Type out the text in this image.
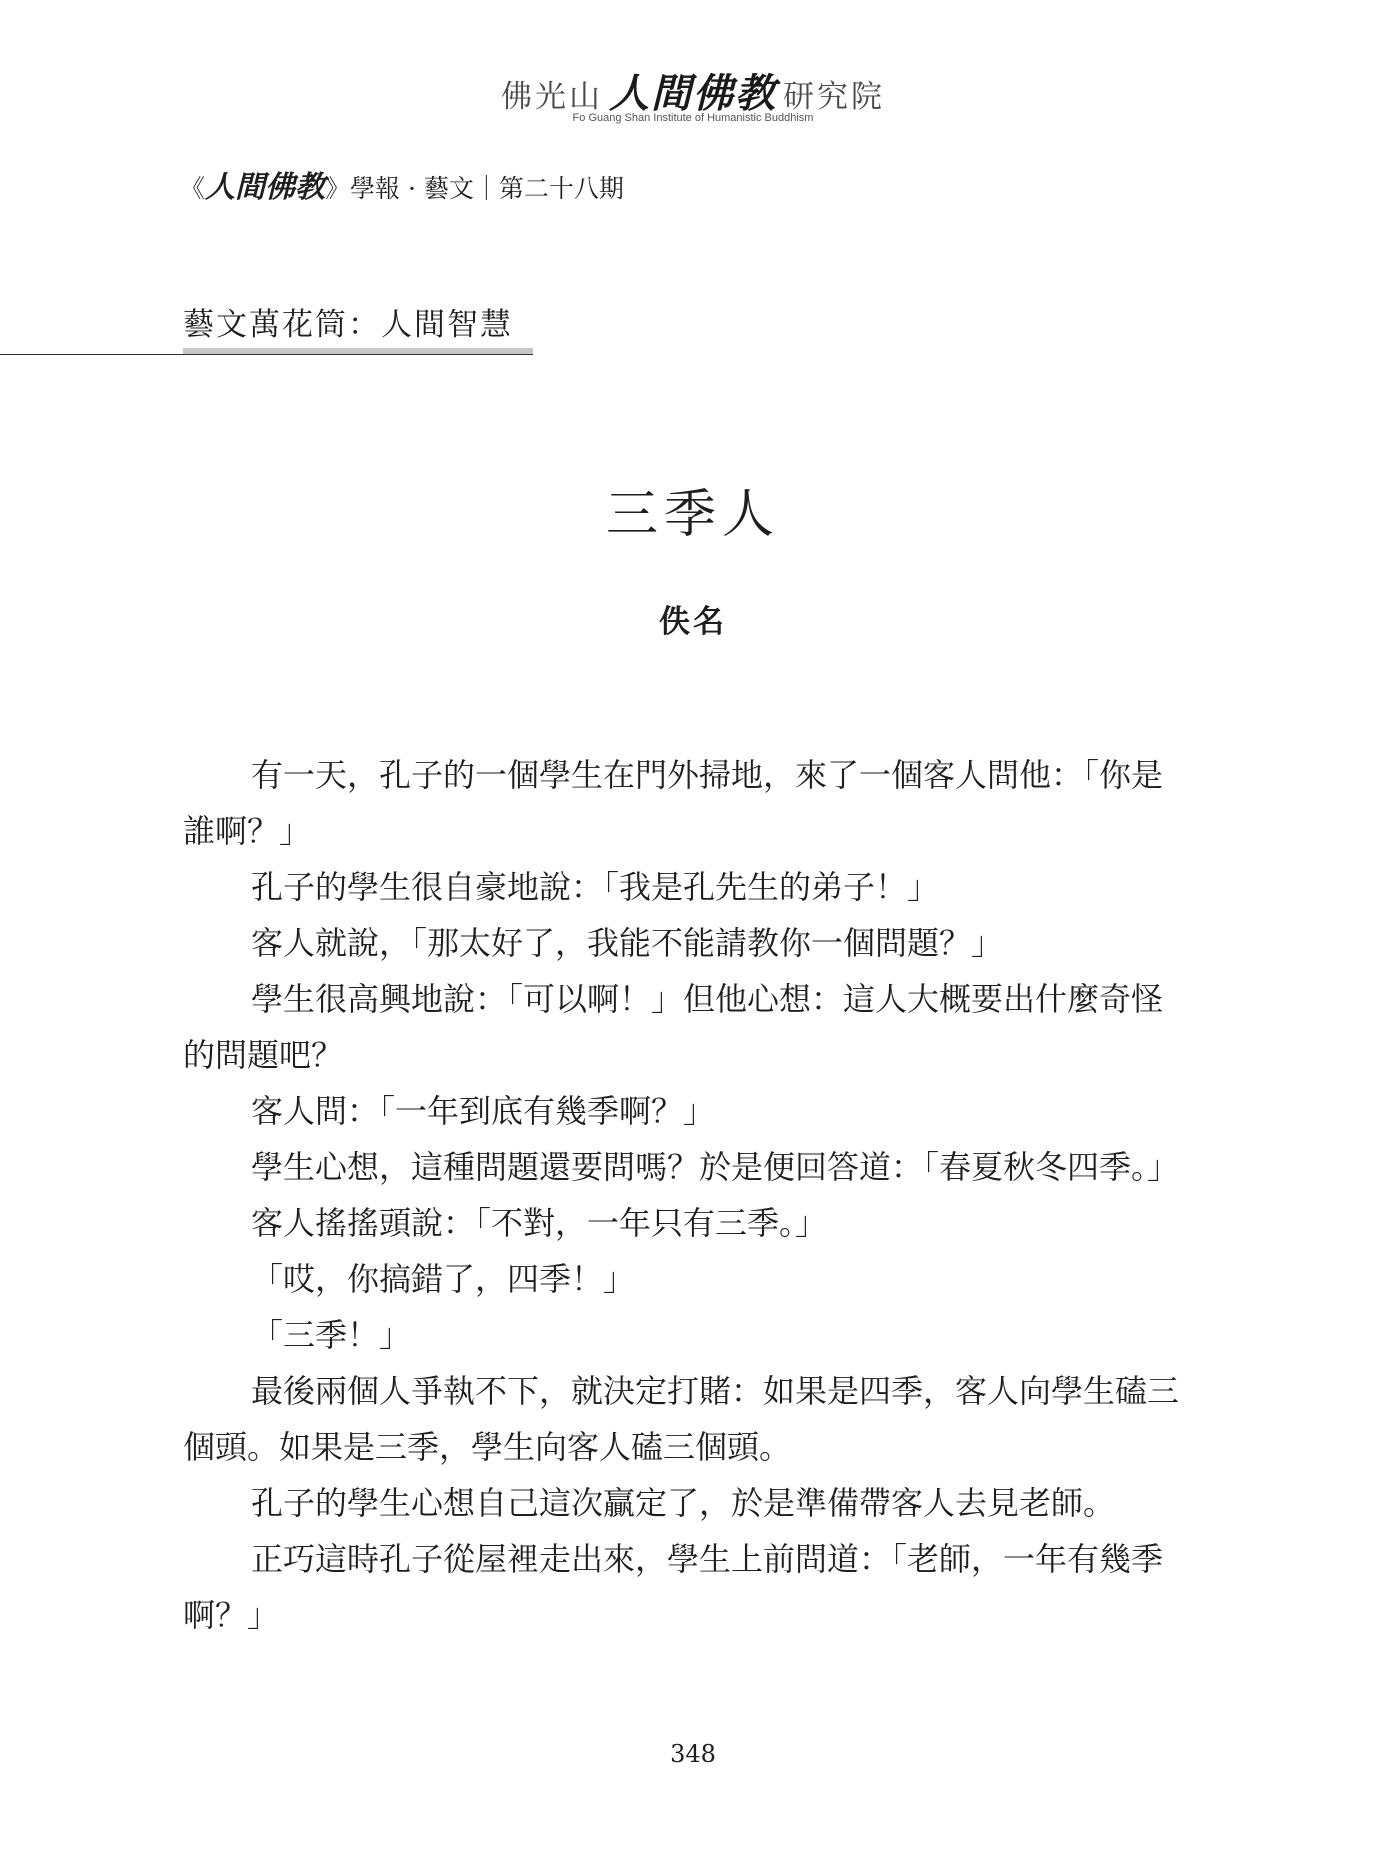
佛光山 人間佛教 研究院
Fo Guang Shan Institute of Humanistic Buddhism
《人間佛教》學報 · 藝文｜第二十八期
藝文萬花筒：人間智慧
三季人
佚名

有一天，孔子的一個學生在門外掃地，來了一個客人問他：「你是誰啊？」

孔子的學生很自豪地說：「我是孔先生的弟子！」

客人就說，「那太好了，我能不能請教你一個問題？」

學生很高興地說：「可以啊！」但他心想：這人大概要出什麼奇怪的問題吧？

客人問：「一年到底有幾季啊？」

學生心想，這種問題還要問嗎？於是便回答道：「春夏秋冬四季。」

客人搖搖頭說：「不對，一年只有三季。」

「哎，你搞錯了，四季！」

「三季！」

最後兩個人爭執不下，就決定打賭：如果是四季，客人向學生磕三個頭。如果是三季，學生向客人磕三個頭。

孔子的學生心想自己這次贏定了，於是準備帶客人去見老師。

正巧這時孔子從屋裡走出來，學生上前問道：「老師，一年有幾季啊？」

348
